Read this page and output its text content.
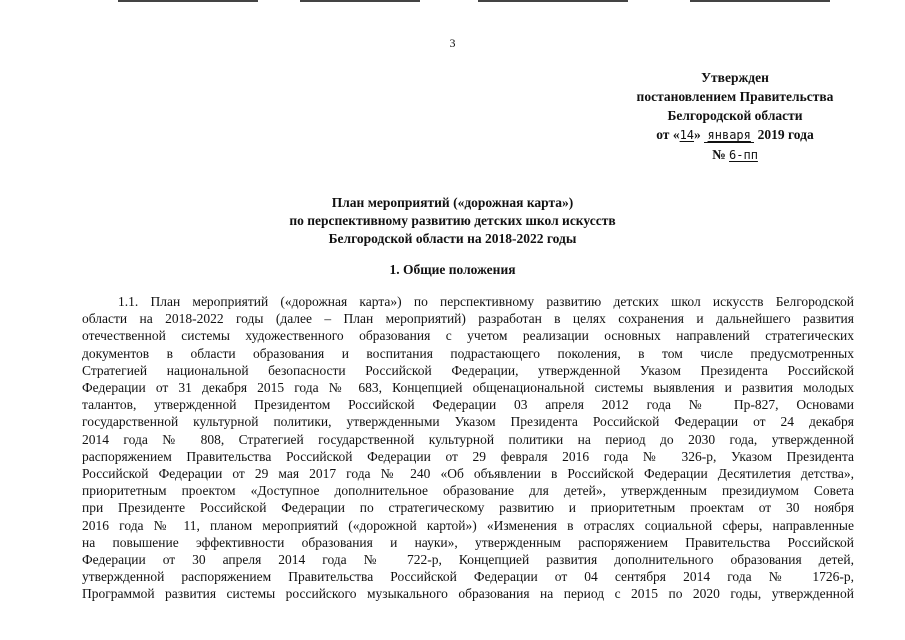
3
Утвержден
постановлением Правительства
Белгородской области
от «14» января 2019 года
№ 6-пп
План мероприятий («дорожная карта»)
по перспективному развитию детских школ искусств
Белгородской области на 2018-2022 годы
1. Общие положения
1.1. План мероприятий («дорожная карта») по перспективному развитию детских школ искусств Белгородской
области на 2018-2022 годы (далее – План мероприятий) разработан в целях сохранения и дальнейшего развития
отечественной системы художественного образования с учетом реализации основных направлений стратегических
документов в области образования и воспитания подрастающего поколения, в том числе предусмотренных
Стратегией национальной безопасности Российской Федерации, утвержденной Указом Президента Российской
Федерации от 31 декабря 2015 года № 683, Концепцией общенациональной системы выявления и развития молодых
талантов, утвержденной Президентом Российской Федерации 03 апреля 2012 года № Пр-827, Основами
государственной культурной политики, утвержденными Указом Президента Российской Федерации от 24 декабря
2014 года № 808, Стратегией государственной культурной политики на период до 2030 года, утвержденной
распоряжением Правительства Российской Федерации от 29 февраля 2016 года № 326-р, Указом Президента
Российской Федерации от 29 мая 2017 года № 240 «Об объявлении в Российской Федерации Десятилетия детства»,
приоритетным проектом «Доступное дополнительное образование для детей», утвержденным президиумом Совета
при Президенте Российской Федерации по стратегическому развитию и приоритетным проектам от 30 ноября
2016 года № 11, планом мероприятий («дорожной картой») «Изменения в отраслях социальной сферы, направленные
на повышение эффективности образования и науки», утвержденным распоряжением Правительства Российской
Федерации от 30 апреля 2014 года № 722-р, Концепцией развития дополнительного образования детей,
утвержденной распоряжением Правительства Российской Федерации от 04 сентября 2014 года № 1726-р,
Программой развития системы российского музыкального образования на период с 2015 по 2020 годы, утвержденной
